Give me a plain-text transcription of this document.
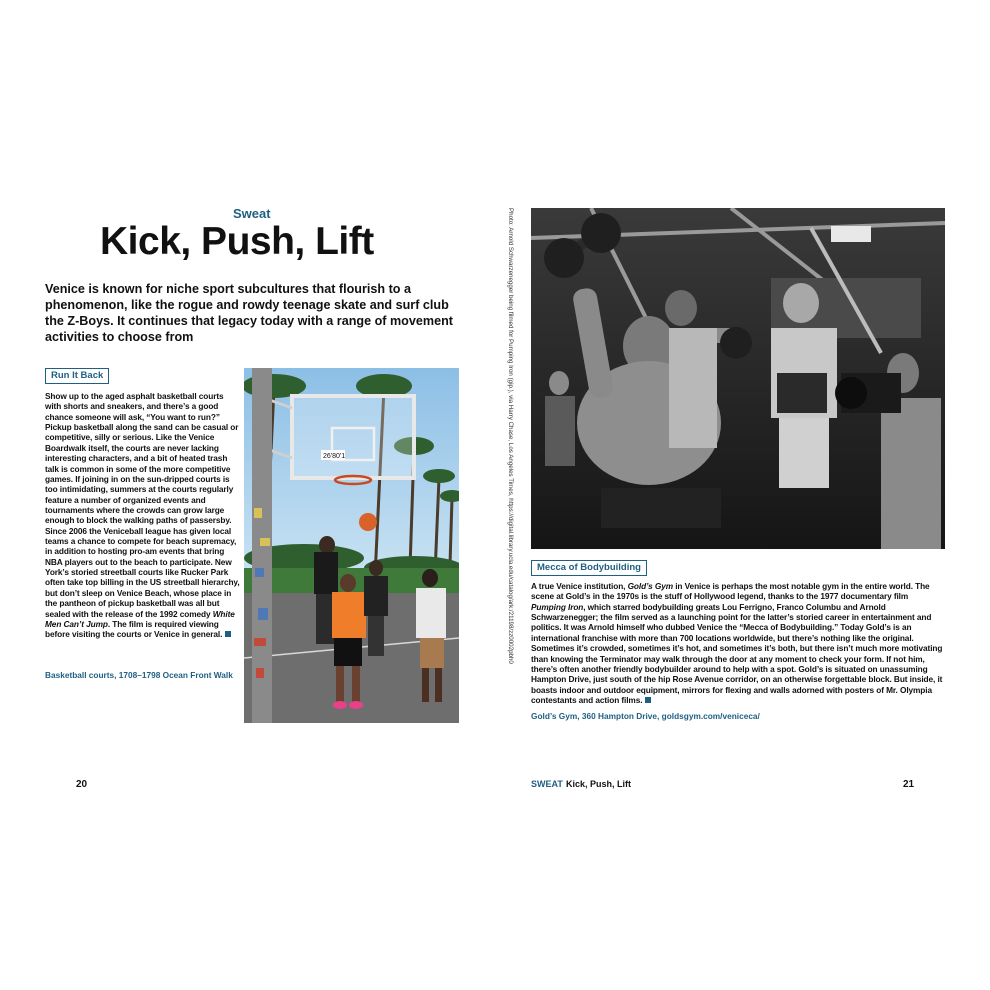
Sweat
Kick, Push, Lift

Venice is known for niche sport subcultures that flourish to a phenomenon, like the rogue and rowdy teenage skate and surf club the Z-Boys. It continues that legacy today with a range of movement activities to choose from

Run It Back

Show up to the aged asphalt basketball courts with shorts and sneakers, and there’s a good chance someone will ask, “You want to run?” Pickup basketball along the sand can be casual or competitive, silly or serious. Like the Venice Boardwalk itself, the courts are never lacking interesting characters, and a bit of heated trash talk is common in some of the more competitive games. If joining in on the sun-dripped courts is too intimidating, summers at the courts regularly feature a number of organized events and tournaments where the crowds can grow large enough to block the walking paths of passersby. Since 2006 the Veniceball league has given local teams a chance to compete for beach supremacy, in addition to hosting pro-am events that bring NBA players out to the beach to participate. New York’s storied streetball courts like Rucker Park often take top billing in the US streetball hierarchy, but don’t sleep on Venice Beach, whose place in the pantheon of pickup basketball was all but sealed with the release of the 1992 comedy White Men Can’t Jump. The film is required viewing before visiting the courts or Venice in general.

Basketball courts, 1708–1798 Ocean Front Walk

26'80'1
20
Photo: Arnold Schwarzenegger being filmed for Pumping Iron (gip.), via Harry Chase, Los Angeles Times, https://digital.library.ucla.edu/catalog/ark:/21198/zz0002pbh0	Mecca of Bodybuilding

A true Venice institution, Gold’s Gym in Venice is perhaps the most notable gym in the entire world. The scene at Gold’s in the 1970s is the stuff of Hollywood legend, thanks to the 1977 documentary film Pumping Iron, which starred bodybuilding greats Lou Ferrigno, Franco Columbu and Arnold Schwarzenegger; the film served as a launching point for the latter’s storied career in entertainment and politics. It was Arnold himself who dubbed Venice the “Mecca of Bodybuilding.” Today Gold’s is an international franchise with more than 700 locations worldwide, but there’s nothing like the original. Sometimes it’s crowded, sometimes it’s hot, and sometimes it’s both, but there isn’t much more motivating than knowing the Terminator may walk through the door at any moment to check your form. If not him, there’s often another friendly bodybuilder around to help with a spot. Gold’s is situated on unassuming Hampton Drive, just south of the hip Rose Avenue corridor, on an otherwise forgettable block. But inside, it boasts indoor and outdoor equipment, mirrors for flexing and walls adorned with posters of Mr. Olympia contestants and action films.

Gold’s Gym, 360 Hampton Drive, goldsgym.com/veniceca/

SWEAT Kick, Push, Lift	21
